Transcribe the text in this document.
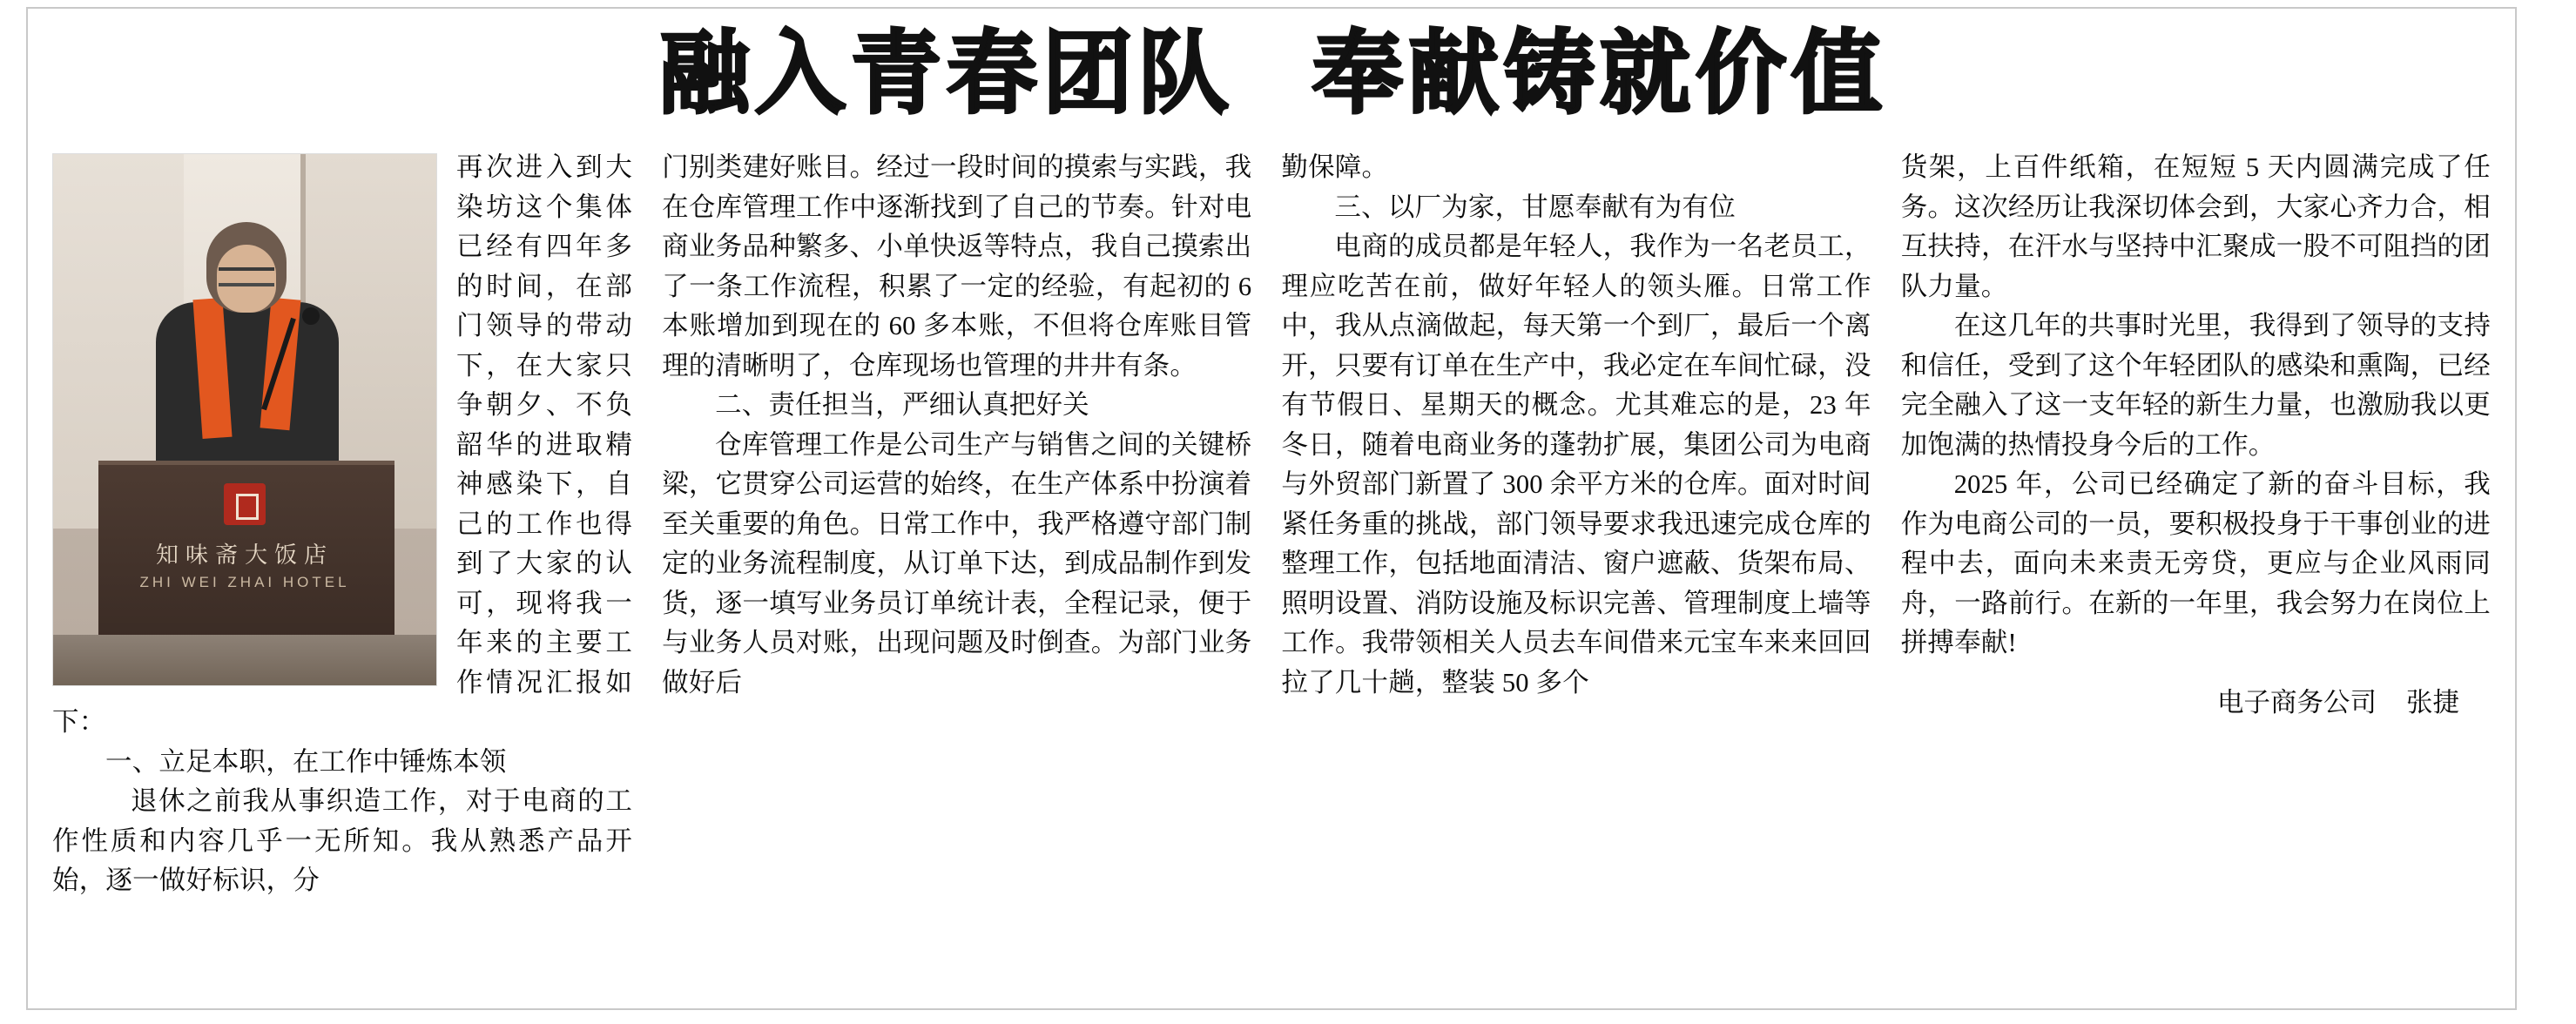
融入青春团队 奉献铸就价值
知味斋大饭店
ZHI WEI ZHAI HOTEL

再次进入到大染坊这个集体已经有四年多的时间，在部门领导的带动下，在大家只争朝夕、不负韶华的进取精神感染下，自己的工作也得到了大家的认可，现将我一年来的主要工作情况汇报如下：

一、立足本职，在工作中锤炼本领

退休之前我从事织造工作，对于电商的工作性质和内容几乎一无所知。我从熟悉产品开始，逐一做好标识，分

门别类建好账目。经过一段时间的摸索与实践，我在仓库管理工作中逐渐找到了自己的节奏。针对电商业务品种繁多、小单快返等特点，我自己摸索出了一条工作流程，积累了一定的经验，有起初的 6 本账增加到现在的 60 多本账，不但将仓库账目管理的清晰明了，仓库现场也管理的井井有条。

二、责任担当，严细认真把好关

仓库管理工作是公司生产与销售之间的关键桥梁，它贯穿公司运营的始终，在生产体系中扮演着至关重要的角色。日常工作中，我严格遵守部门制定的业务流程制度，从订单下达，到成品制作到发货，逐一填写业务员订单统计表，全程记录，便于与业务人员对账，出现问题及时倒查。为部门业务做好后

勤保障。

三、以厂为家，甘愿奉献有为有位

电商的成员都是年轻人，我作为一名老员工，理应吃苦在前，做好年轻人的领头雁。日常工作中，我从点滴做起，每天第一个到厂，最后一个离开，只要有订单在生产中，我必定在车间忙碌，没有节假日、星期天的概念。尤其难忘的是，23 年冬日，随着电商业务的蓬勃扩展，集团公司为电商与外贸部门新置了 300 余平方米的仓库。面对时间紧任务重的挑战，部门领导要求我迅速完成仓库的整理工作，包括地面清洁、窗户遮蔽、货架布局、照明设置、消防设施及标识完善、管理制度上墙等工作。我带领相关人员去车间借来元宝车来来回回拉了几十趟，整装 50 多个

货架，上百件纸箱，在短短 5 天内圆满完成了任务。这次经历让我深切体会到，大家心齐力合，相互扶持，在汗水与坚持中汇聚成一股不可阻挡的团队力量。

在这几年的共事时光里，我得到了领导的支持和信任，受到了这个年轻团队的感染和熏陶，已经完全融入了这一支年轻的新生力量，也激励我以更加饱满的热情投身今后的工作。

2025 年，公司已经确定了新的奋斗目标，我作为电商公司的一员，要积极投身于干事创业的进程中去，面向未来责无旁贷，更应与企业风雨同舟，一路前行。在新的一年里，我会努力在岗位上拼搏奉献!

电子商务公司 张捷
